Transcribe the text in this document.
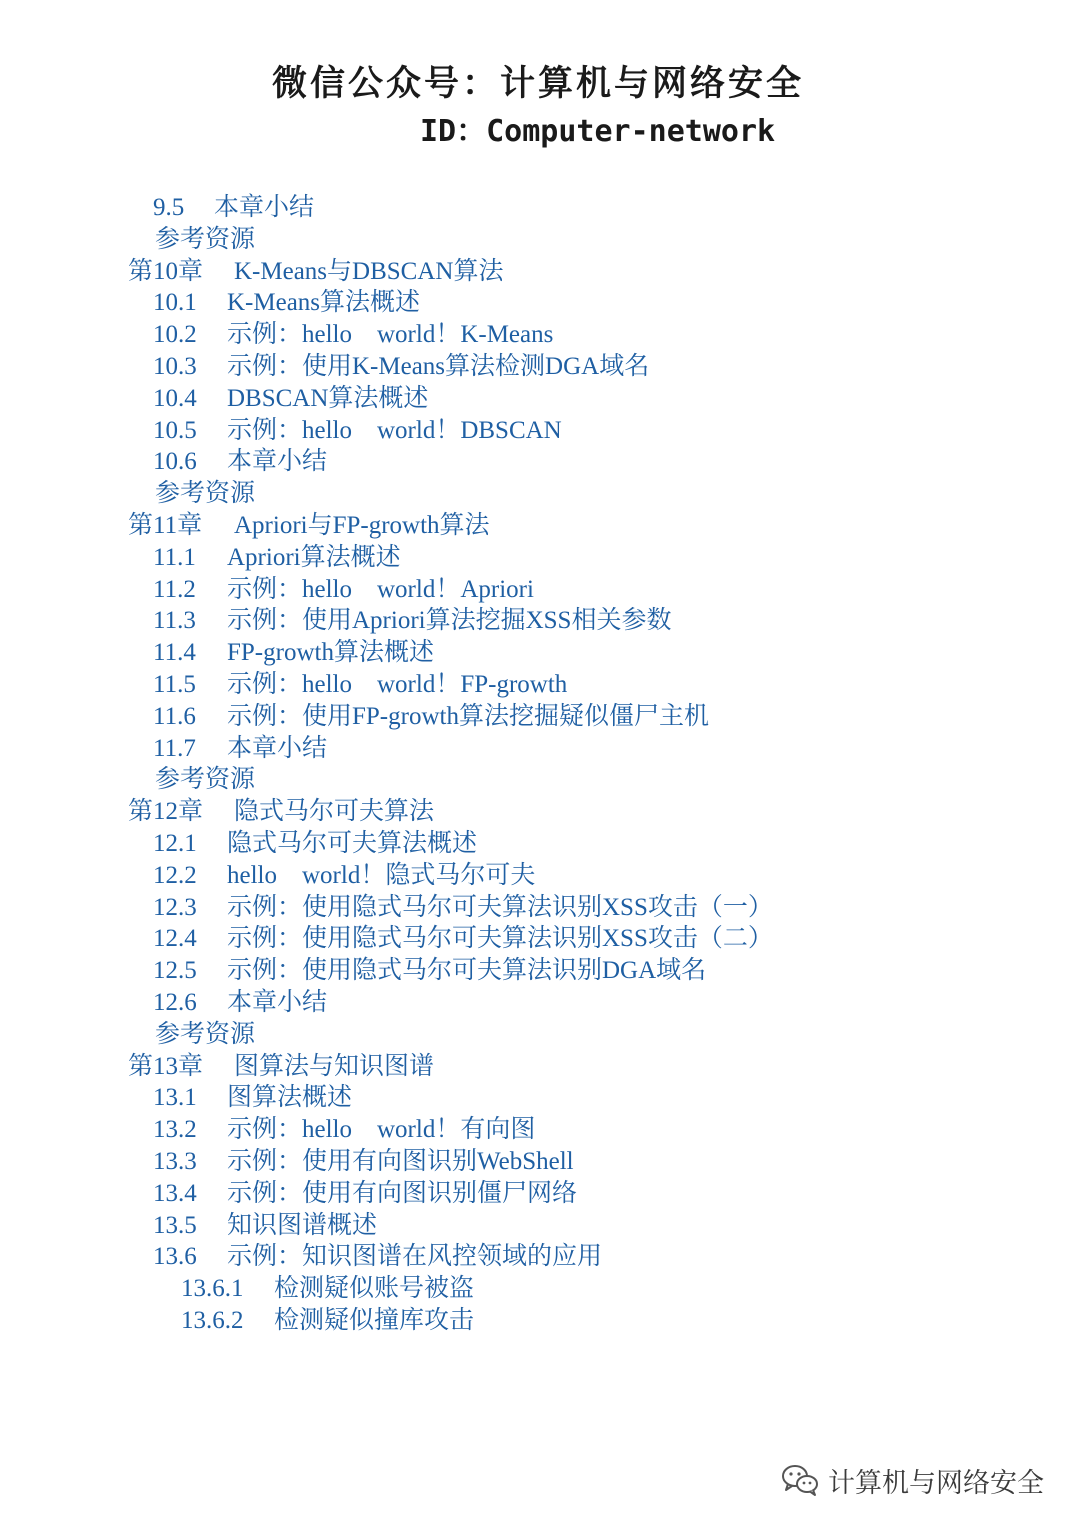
微信公众号：计算机与网络安全
ID：Computer-network
9.5	本章小结
参考资源
第10章	K-Means与DBSCAN算法
10.1	K-Means算法概述
10.2	示例：hello　world！K-Means
10.3	示例：使用K-Means算法检测DGA域名
10.4	DBSCAN算法概述
10.5	示例：hello　world！DBSCAN
10.6	本章小结
参考资源
第11章	Apriori与FP-growth算法
11.1	Apriori算法概述
11.2	示例：hello　world！Apriori
11.3	示例：使用Apriori算法挖掘XSS相关参数
11.4	FP-growth算法概述
11.5	示例：hello　world！FP-growth
11.6	示例：使用FP-growth算法挖掘疑似僵尸主机
11.7	本章小结
参考资源
第12章	隐式马尔可夫算法
12.1	隐式马尔可夫算法概述
12.2	hello　world！隐式马尔可夫
12.3	示例：使用隐式马尔可夫算法识别XSS攻击（一）
12.4	示例：使用隐式马尔可夫算法识别XSS攻击（二）
12.5	示例：使用隐式马尔可夫算法识别DGA域名
12.6	本章小结
参考资源
第13章	图算法与知识图谱
13.1	图算法概述
13.2	示例：hello　world！有向图
13.3	示例：使用有向图识别WebShell
13.4	示例：使用有向图识别僵尸网络
13.5	知识图谱概述
13.6	示例：知识图谱在风控领域的应用
13.6.1	检测疑似账号被盗
13.6.2	检测疑似撞库攻击
计算机与网络安全
